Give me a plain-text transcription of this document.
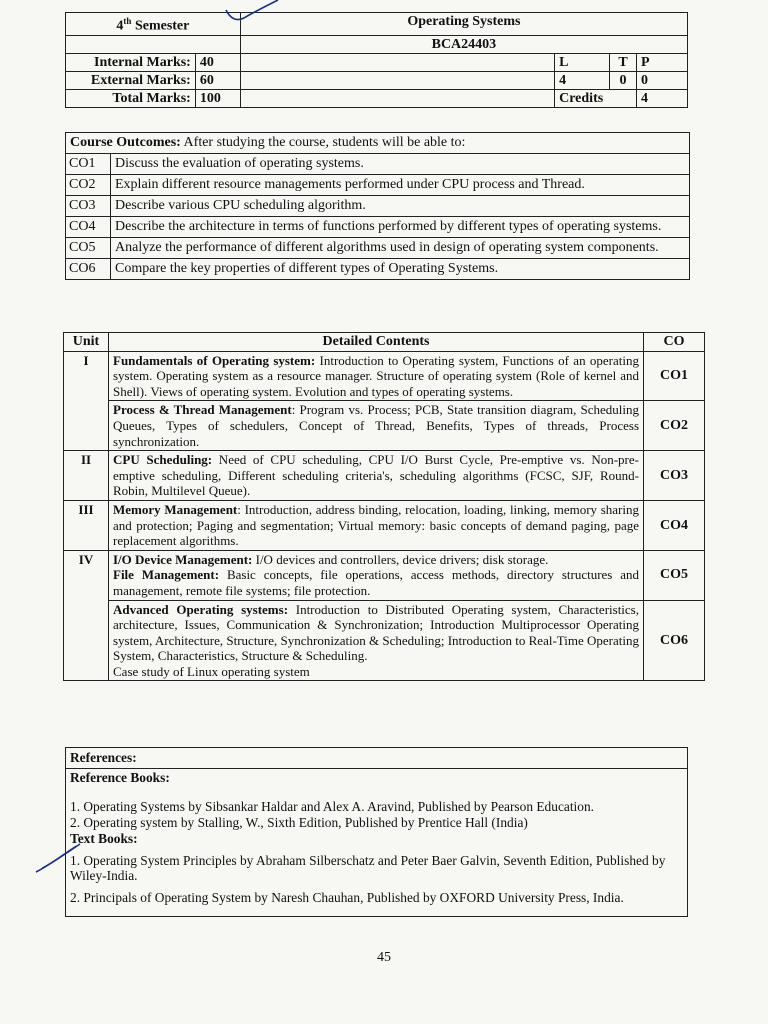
4th Semester		Operating Systems			
		BCA24403			
Internal Marks:	40		L	T	P
External Marks:	60		4	0	0
Total Marks:	100		Credits		4
Course Outcomes: After studying the course, students will be able to:	
CO1	Discuss the evaluation of operating systems.
CO2	Explain different resource managements performed under CPU process and Thread.
CO3	Describe various CPU scheduling algorithm.
CO4	Describe the architecture in terms of functions performed by different types of operating systems.
CO5	Analyze the performance of different algorithms used in design of operating system components.
CO6	Compare the key properties of different types of Operating Systems.
Unit	Detailed Contents	CO
I	Fundamentals of Operating system: Introduction to Operating system, Functions of an operating system. Operating system as a resource manager. Structure of operating system (Role of kernel and Shell). Views of operating system. Evolution and types of operating systems.	CO1
	Process & Thread Management: Program vs. Process; PCB, State transition diagram, Scheduling Queues, Types of schedulers, Concept of Thread, Benefits, Types of threads, Process synchronization.	CO2
II	CPU Scheduling: Need of CPU scheduling, CPU I/O Burst Cycle, Pre-emptive vs. Non-pre-emptive scheduling, Different scheduling criteria's, scheduling algorithms (FCSC, SJF, Round-Robin, Multilevel Queue).	CO3
III	Memory Management: Introduction, address binding, relocation, loading, linking, memory sharing and protection; Paging and segmentation; Virtual memory: basic concepts of demand paging, page replacement algorithms.	CO4
IV	I/O Device Management: I/O devices and controllers, device drivers; disk storage.
File Management: Basic concepts, file operations, access methods, directory structures and management, remote file systems; file protection.	CO5
	Advanced Operating systems: Introduction to Distributed Operating system, Characteristics, architecture, Issues, Communication & Synchronization; Introduction Multiprocessor Operating system, Architecture, Structure, Synchronization & Scheduling; Introduction to Real-Time Operating System, Characteristics, Structure & Scheduling.
Case study of Linux operating system	CO6
References:
Reference Books:

1. Operating Systems by Sibsankar Haldar and Alex A. Aravind, Published by Pearson Education.

2. Operating system by Stalling, W., Sixth Edition, Published by Prentice Hall (India)

Text Books:

1. Operating System Principles by Abraham Silberschatz and Peter Baer Galvin, Seventh Edition, Published by Wiley-India.

2. Principals of Operating System by Naresh Chauhan, Published by OXFORD University Press, India.

45
